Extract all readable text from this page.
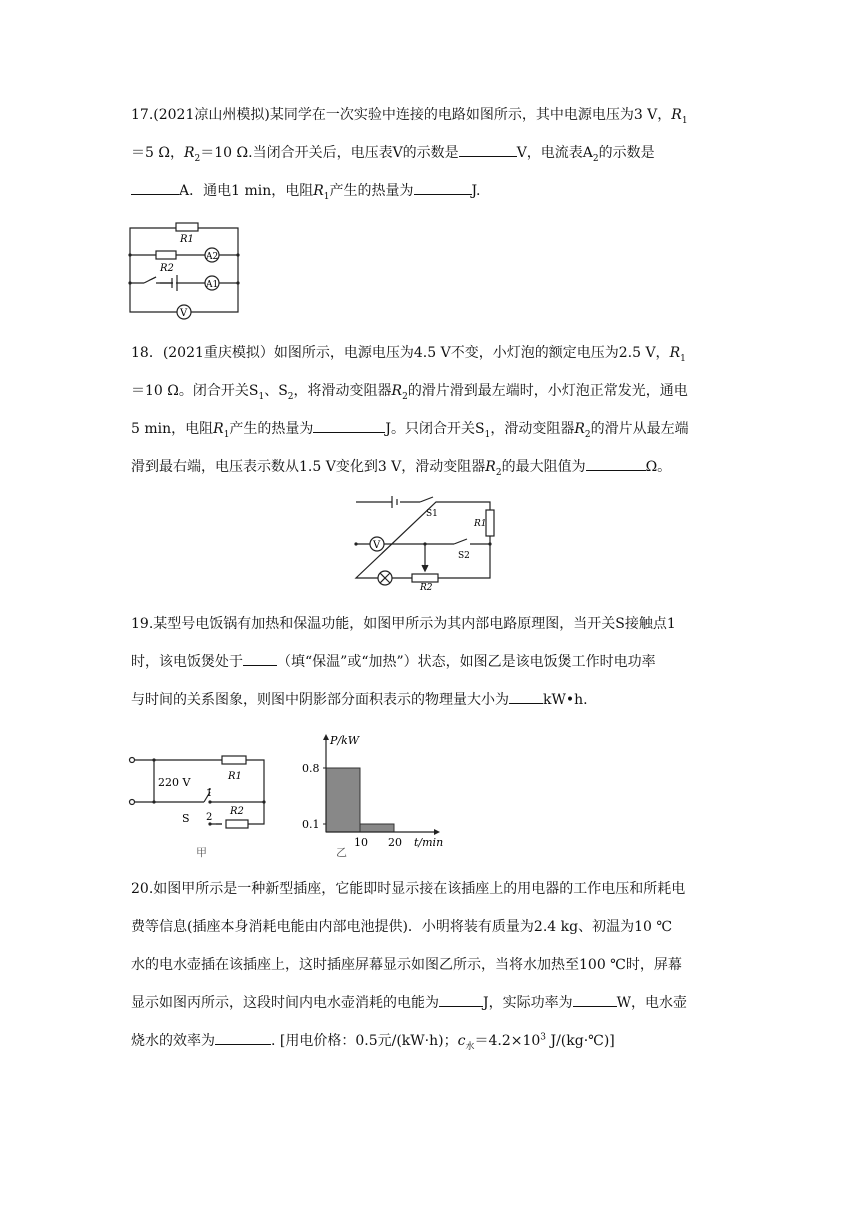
17.(2021凉山州模拟)某同学在一次实验中连接的电路如图所示，其中电源电压为3 V，$R_1$
＝5 Ω，$R_2=10$ Ω.当闭合开关后，电压表V的示数是	V，电流表$A_2$的示数是
A．通电1 min，电阻$R_1$产生的热量为	J.
R1
R2
A2
A1
V
18．(2021重庆模拟）如图所示，电源电压为4.5 V不变，小灯泡的额定电压为2.5 V，$R_1$
＝10 Ω。闭合开关$S_1$、$S_2$，将滑动变阻器$R_2$的滑片滑到最左端时，小灯泡正常发光，通电
5 min，电阻$R_1$产生的热量为	J。只闭合开关$S_1$，滑动变阻器$R_2$的滑片从最左端
滑到最右端，电压表示数从1.5 V变化到3 V，滑动变阻器$R_2$的最大阻值为	Ω。
S1
S2
R1
R2
V
19.某型号电饭锅有加热和保温功能，如图甲所示为其内部电路原理图，当开关S接触点1
时，该电饭煲处于 （填“保温”或“加热”）状态，如图乙是该电饭煲工作时电功率
与时间的关系图象，则图中阴影部分面积表示的物理量大小为 kW•h.
220 V	R1
R2
1
2
S
甲
0.1
0.8
10 20
P/kW
t/min
乙
20.如图甲所示是一种新型插座，它能即时显示接在该插座上的用电器的工作电压和所耗电
费等信息(插座本身消耗电能由内部电池提供)．小明将装有质量为2.4 kg、初温为10 ℃
水的电水壶插在该插座上，这时插座屏幕显示如图乙所示，当将水加热至100 ℃时，屏幕
显示如图丙所示，这段时间内电水壶消耗的电能为	J，实际功率为	W，电水壶
烧水的效率为	. [用电价格：0.5元/(kW·h)；$c_水=4.2\times 10^3$ J/(kg·℃)]
